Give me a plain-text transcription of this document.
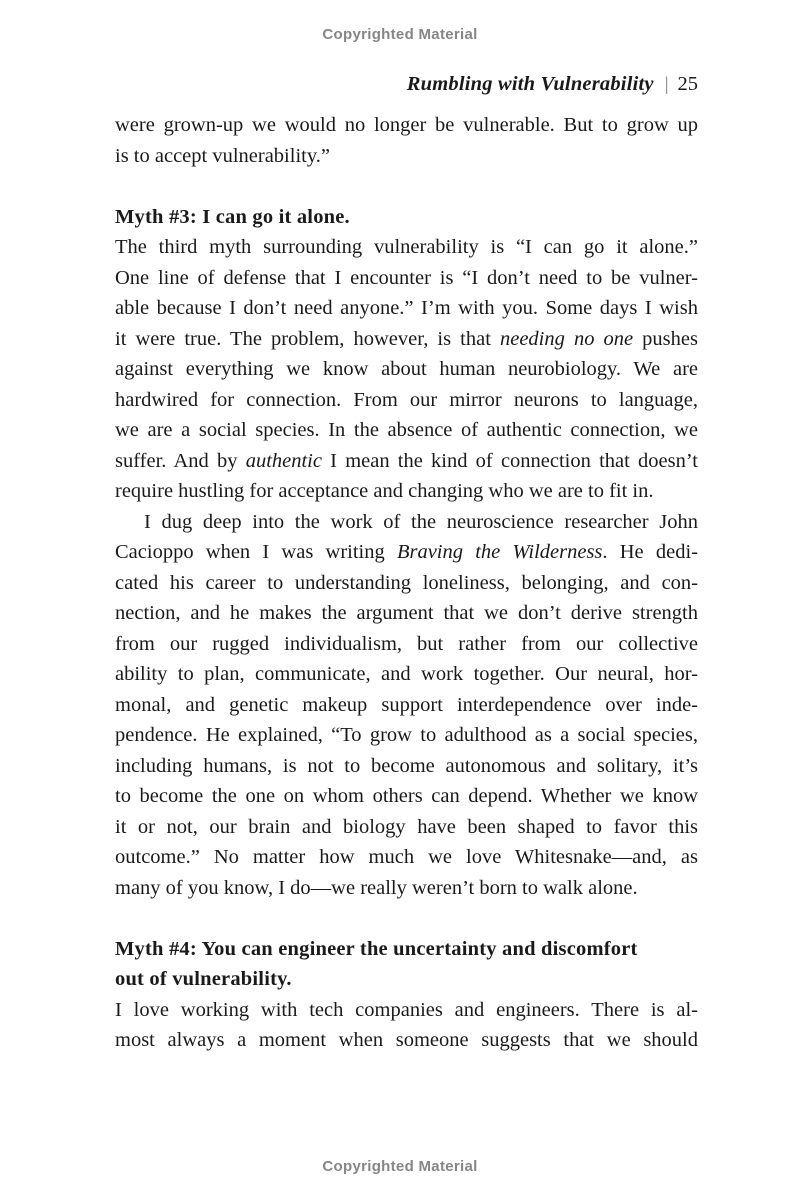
Copyrighted Material
Rumbling with Vulnerability | 25
were grown-up we would no longer be vulnerable. But to grow up
is to accept vulnerability.”
Myth #3: I can go it alone.
The third myth surrounding vulnerability is “I can go it alone.”
One line of defense that I encounter is “I don’t need to be vulner-
able because I don’t need anyone.” I’m with you. Some days I wish
it were true. The problem, however, is that needing no one pushes
against everything we know about human neurobiology. We are
hardwired for connection. From our mirror neurons to language,
we are a social species. In the absence of authentic connection, we
suffer. And by authentic I mean the kind of connection that doesn’t
require hustling for acceptance and changing who we are to fit in.
I dug deep into the work of the neuroscience researcher John
Cacioppo when I was writing Braving the Wilderness. He dedi-
cated his career to understanding loneliness, belonging, and con-
nection, and he makes the argument that we don’t derive strength
from our rugged individualism, but rather from our collective
ability to plan, communicate, and work together. Our neural, hor-
monal, and genetic makeup support interdependence over inde-
pendence. He explained, “To grow to adulthood as a social species,
including humans, is not to become autonomous and solitary, it’s
to become the one on whom others can depend. Whether we know
it or not, our brain and biology have been shaped to favor this
outcome.” No matter how much we love Whitesnake—and, as
many of you know, I do—we really weren’t born to walk alone.
Myth #4: You can engineer the uncertainty and discomfort
out of vulnerability.
I love working with tech companies and engineers. There is al-
most always a moment when someone suggests that we should
Copyrighted Material
